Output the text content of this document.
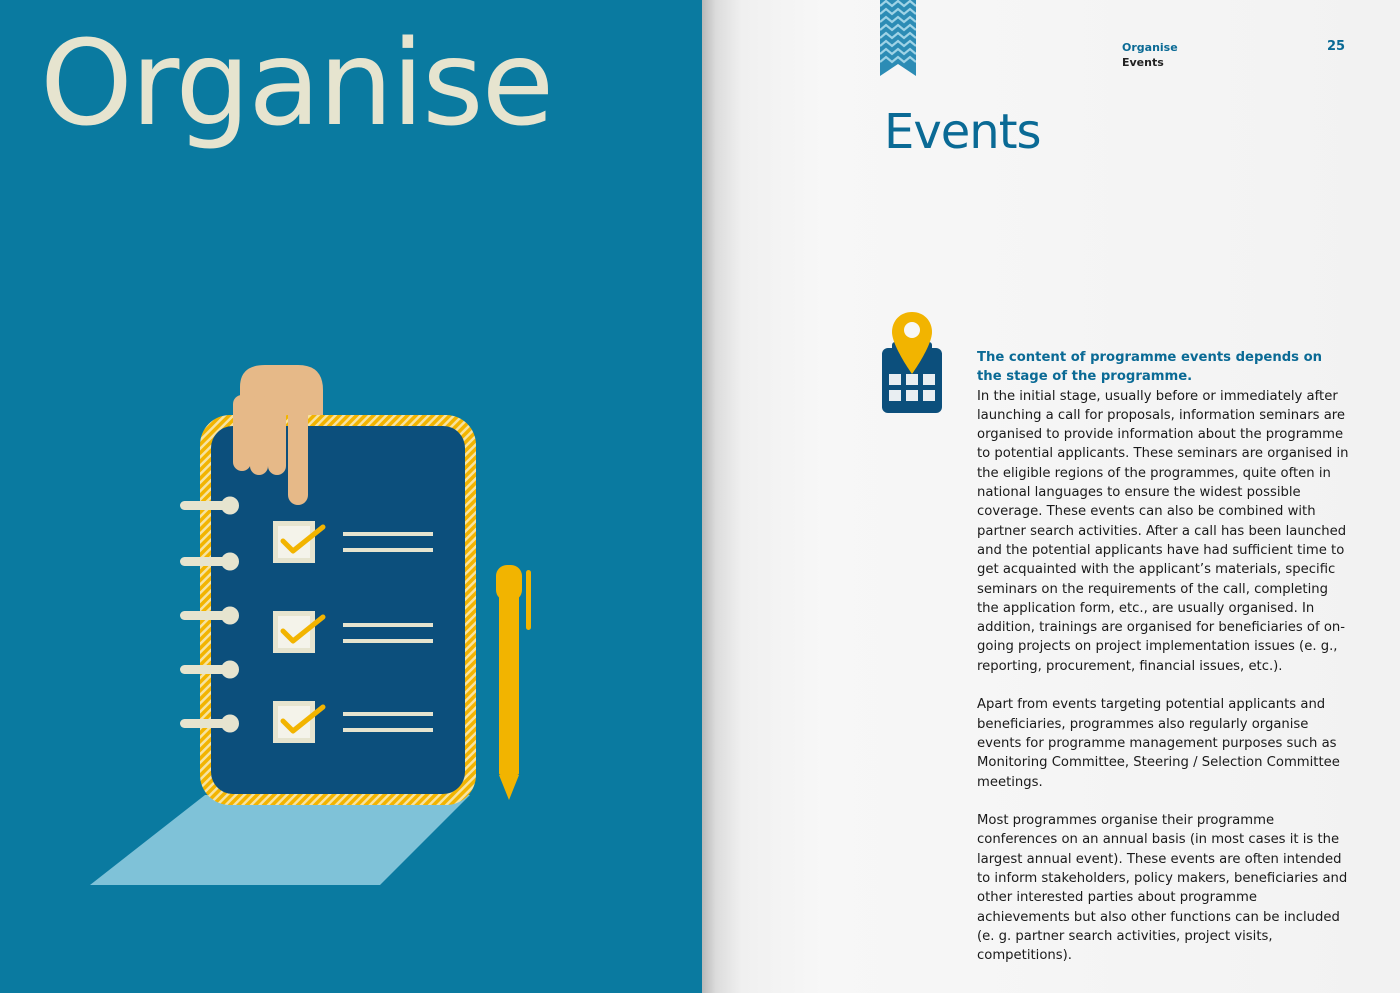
Organise	Organise
Events
25
Events

The content of programme events depends on the stage of the programme.
In the initial stage, usually before or immediately after launching a call for proposals, information seminars are organised to provide information about the programme to potential applicants. These seminars are organised in the eligible regions of the programmes, quite often in national languages to ensure the widest possible coverage. These events can also be combined with partner search activities. After a call has been launched and the potential applicants have had sufficient time to get acquainted with the applicant’s materials, specific seminars on the requirements of the call, completing the application form, etc., are usually organised. In addition, trainings are organised for beneficiaries of on-going projects on project implementation issues (e. g., reporting, procurement, financial issues, etc.).

Apart from events targeting potential applicants and beneficiaries, programmes also regularly organise events for programme management purposes such as Monitoring Committee, Steering / Selection Committee meetings.

Most programmes organise their programme conferences on an annual basis (in most cases it is the largest annual event). These events are often intended to inform stakeholders, policy makers, beneficiaries and other interested parties about programme achievements but also other functions can be included (e. g. partner search activities, project visits, competitions).
